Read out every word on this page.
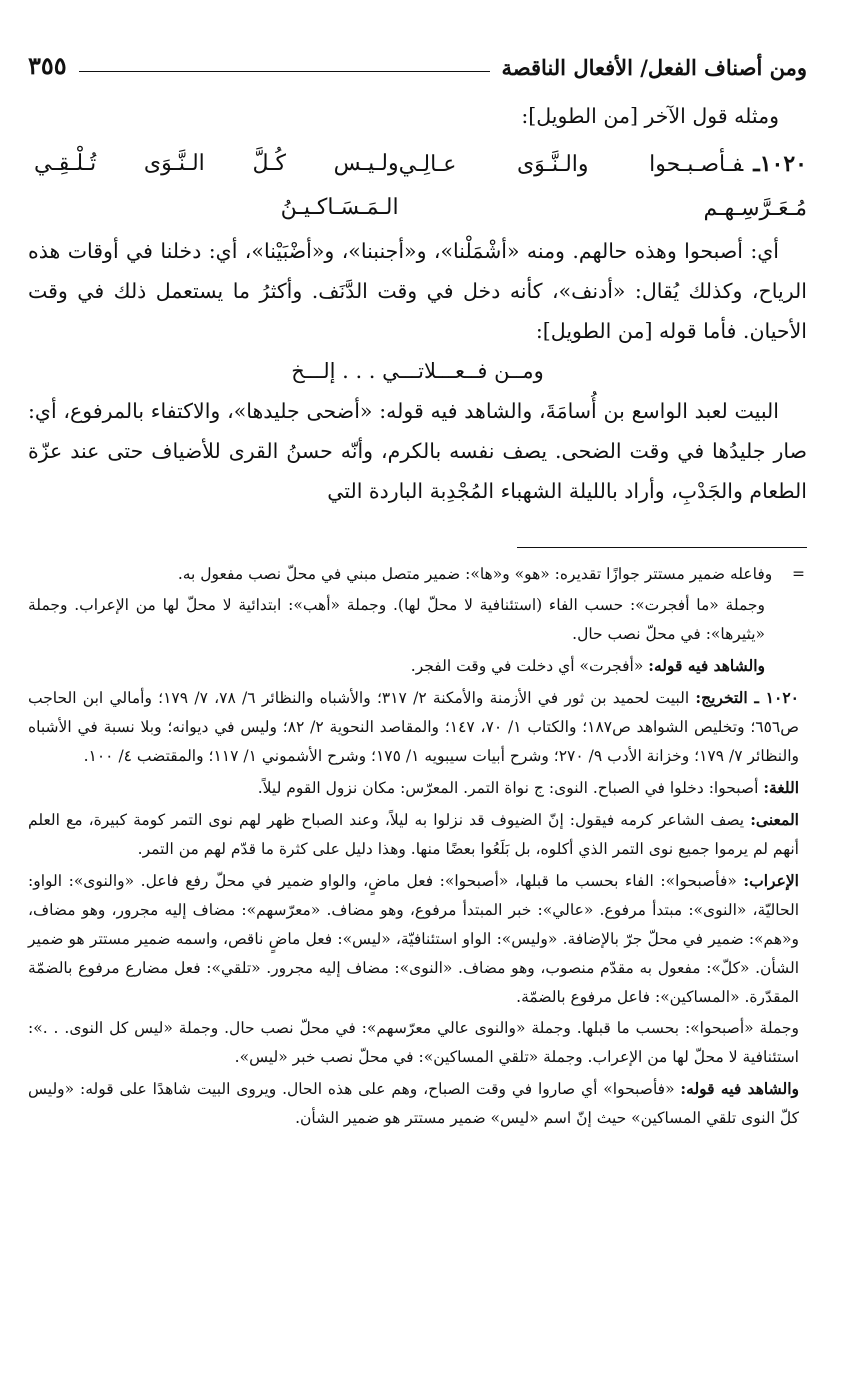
ومن أصناف الفعل/ الأفعال الناقصة
٣٥٥

ومثله قول الآخر [من الطويل]:

١٠٢٠ـفـأصـبـحوا والـنَّـوَى عـالِـي مُـعَـرَّسِـهـم
ولـيـس كُـلَّ الـنَّـوَى تُـلْـقِـي الـمَـسَـاكـيـنُ

أي: أصبحوا وهذه حالهم. ومنه «أشْمَلْنا»، و«أجنبنا»، و«أضْبَيْنا»، أي: دخلنا في أوقات هذه الرياح، وكذلك يُقال: «أدنف»، كأنه دخل في وقت الدَّنَف. وأكثرُ ما يستعمل ذلك في وقت الأحيان. فأما قوله [من الطويل]:

ومــن فــعـــلاتـــي . . . إلـــخ

البيت لعبد الواسع بن أُسامَةَ، والشاهد فيه قوله: «أضحى جليدها»، والاكتفاء بالمرفوع، أي: صار جليدُها في وقت الضحى. يصف نفسه بالكرم، وأنّه حسنُ القرى للأضياف حتى عند عزّة الطعام والجَدْبِ، وأراد بالليلة الشهباء المُجْدِبة الباردة التي

=    وفاعله ضمير مستتر جوازًا تقديره: «هو» و«ها»: ضمير متصل مبني في محلّ نصب مفعول به.

وجملة «ما أفجرت»: حسب الفاء (استئنافية لا محلّ لها). وجملة «أهب»: ابتدائية لا محلّ لها من الإعراب. وجملة «يثيرها»: في محلّ نصب حال.

والشاهد فيه قوله: «أفجرت» أي دخلت في وقت الفجر.

١٠٢٠ ـ التخريج: البيت لحميد بن ثور في الأزمنة والأمكنة ٢/ ٣١٧؛ والأشباه والنظائر ٦/ ٧٨، ٧/ ١٧٩؛ وأمالي ابن الحاجب ص٦٥٦؛ وتخليص الشواهد ص١٨٧؛ والكتاب ١/ ٧٠، ١٤٧؛ والمقاصد النحوية ٢/ ٨٢؛ وليس في ديوانه؛ وبلا نسبة في الأشباه والنظائر ٧/ ١٧٩؛ وخزانة الأدب ٩/ ٢٧٠؛ وشرح أبيات سيبويه ١/ ١٧٥؛ وشرح الأشموني ١/ ١١٧؛ والمقتضب ٤/ ١٠٠.

اللغة: أصبحوا: دخلوا في الصباح. النوى: ج نواة التمر. المعرّس: مكان نزول القوم ليلاً.

المعنى: يصف الشاعر كرمه فيقول: إنّ الضيوف قد نزلوا به ليلاً، وعند الصباح ظهر لهم نوى التمر كومة كبيرة، مع العلم أنهم لم يرموا جميع نوى التمر الذي أكلوه، بل بَلَعُوا بعضًا منها. وهذا دليل على كثرة ما قدّم لهم من التمر.

الإعراب: «فأصبحوا»: الفاء بحسب ما قبلها، «أصبحوا»: فعل ماضٍ، والواو ضمير في محلّ رفع فاعل. «والنوى»: الواو: الحاليّة، «النوى»: مبتدأ مرفوع. «عالي»: خبر المبتدأ مرفوع، وهو مضاف. «معرّسهم»: مضاف إليه مجرور، وهو مضاف، و«هم»: ضمير في محلّ جرّ بالإضافة. «وليس»: الواو استئنافيّة، «ليس»: فعل ماضٍ ناقص، واسمه ضمير مستتر هو ضمير الشأن. «كلّ»: مفعول به مقدّم منصوب، وهو مضاف. «النوى»: مضاف إليه مجرور. «تلقي»: فعل مضارع مرفوع بالضمّة المقدّرة. «المساكين»: فاعل مرفوع بالضمّة.

وجملة «أصبحوا»: بحسب ما قبلها. وجملة «والنوى عالي معرّسهم»: في محلّ نصب حال. وجملة «ليس كل النوى. . .»: استئنافية لا محلّ لها من الإعراب. وجملة «تلقي المساكين»: في محلّ نصب خبر «ليس».

والشاهد فيه قوله: «فأصبحوا» أي صاروا في وقت الصباح، وهم على هذه الحال. ويروى البيت شاهدًا على قوله: «وليس كلّ النوى تلقي المساكين» حيث إنّ اسم «ليس» ضمير مستتر هو ضمير الشأن.
